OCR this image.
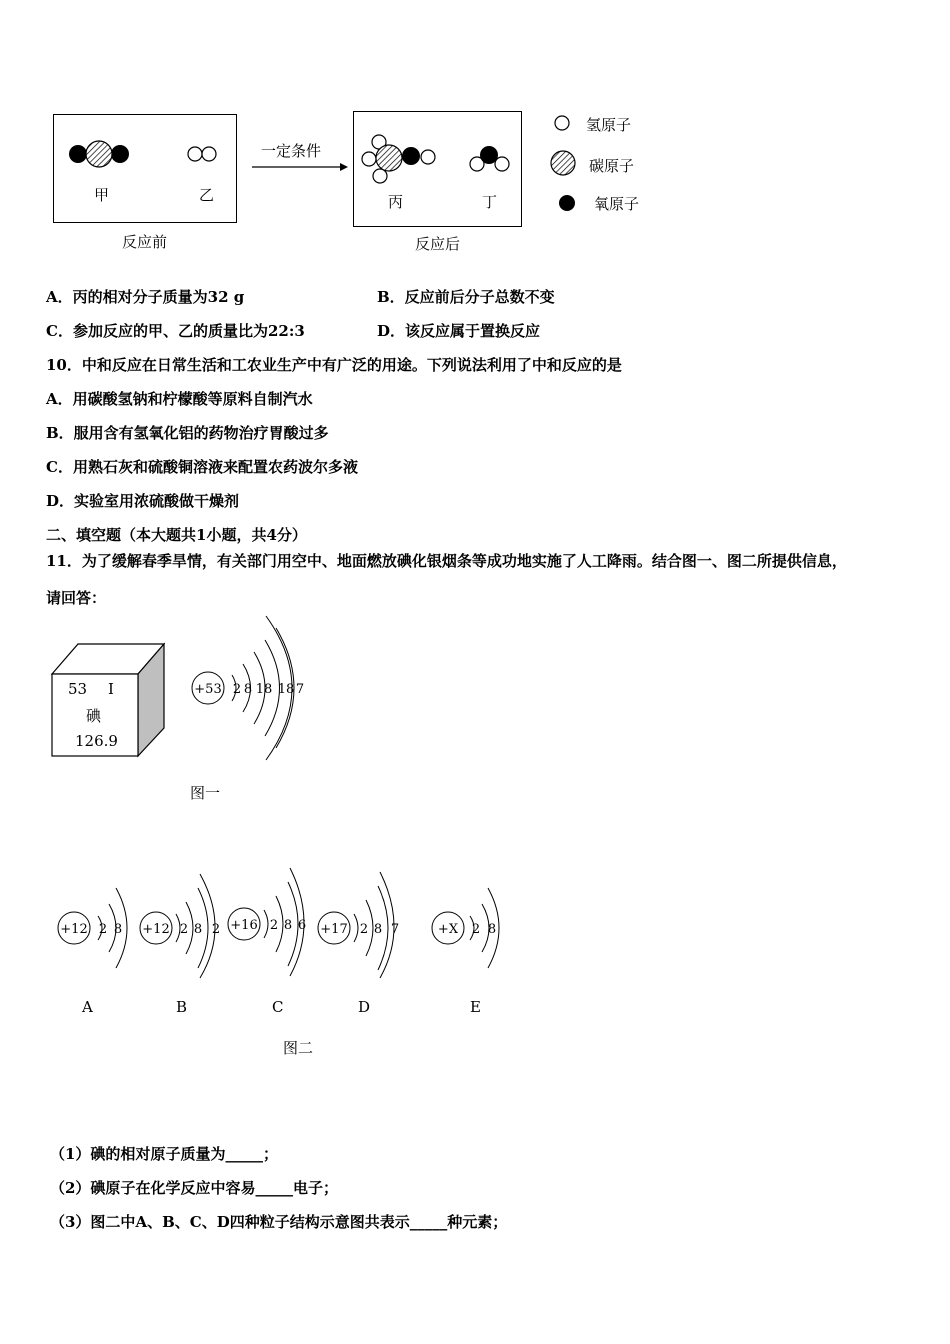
甲	乙
反应前
一定条件
丙	丁
反应后
氢原子
碳原子
氧原子
A．丙的相对分子质量为32 g	B．反应前后分子总数不变
C．参加反应的甲、乙的质量比为22:3	D．该反应属于置换反应
10．中和反应在日常生活和工农业生产中有广泛的用途。下列说法利用了中和反应的是
A．用碳酸氢钠和柠檬酸等原料自制汽水
B．服用含有氢氧化铝的药物治疗胃酸过多
C．用熟石灰和硫酸铜溶液来配置农药波尔多液
D．实验室用浓硫酸做干燥剂
二、填空题（本大题共1小题，共4分）
11．为了缓解春季旱情，有关部门用空中、地面燃放碘化银烟条等成功地实施了人工降雨。结合图一、图二所提供信息，
请回答：
53 I
碘
126.9
+53 2 8 18 18 7
图一
+12 2 8 +12 2 8 2 +16 2 8 6 +17 2 8 7	+X 2 8
A	B	C	D	E
图二
（1）碘的相对原子质量为_____；
（2）碘原子在化学反应中容易_____电子；
（3）图二中A、B、C、D四种粒子结构示意图共表示_____种元素；
